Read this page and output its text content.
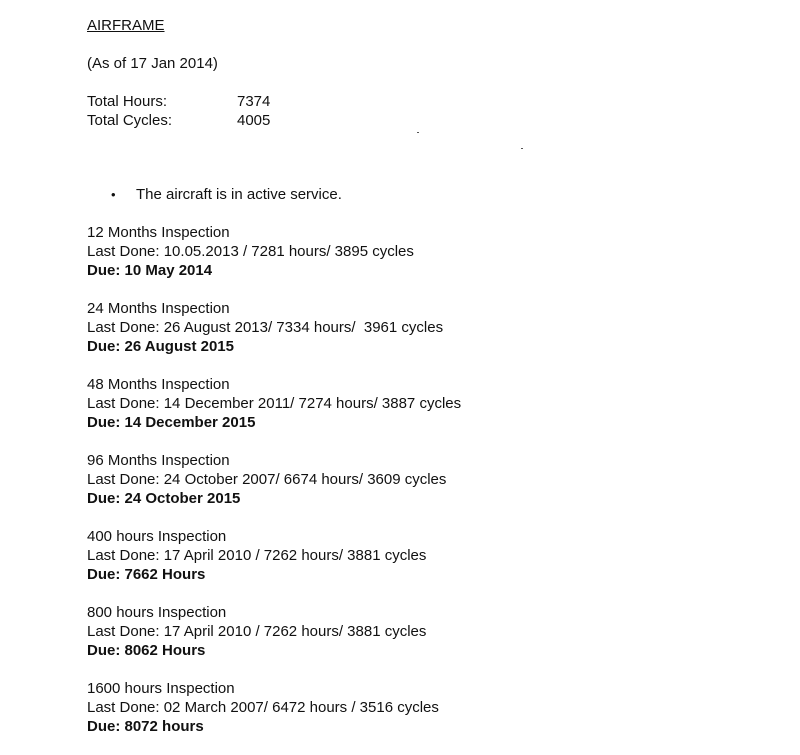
AIRFRAME
(As of 17 Jan 2014)
Total Hours:	7374
Total Cycles:	4005
•	The aircraft is in active service.
12 Months Inspection
Last Done: 10.05.2013 / 7281 hours/ 3895 cycles
Due: 10 May 2014
24 Months Inspection
Last Done: 26 August 2013/ 7334 hours/  3961 cycles
Due: 26 August 2015
48 Months Inspection
Last Done: 14 December 2011/ 7274 hours/ 3887 cycles
Due: 14 December 2015
96 Months Inspection
Last Done: 24 October 2007/ 6674 hours/ 3609 cycles
Due: 24 October 2015
400 hours Inspection
Last Done: 17 April 2010 / 7262 hours/ 3881 cycles
Due: 7662 Hours
800 hours Inspection
Last Done: 17 April 2010 / 7262 hours/ 3881 cycles
Due: 8062 Hours
1600 hours Inspection
Last Done: 02 March 2007/ 6472 hours / 3516 cycles
Due: 8072 hours
